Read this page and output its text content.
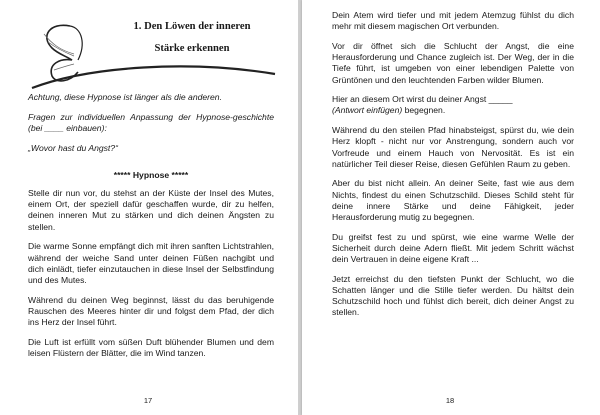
1. Den Löwen der inneren
Stärke erkennen

Achtung, diese Hypnose ist länger als die anderen.

Fragen zur individuellen Anpassung der Hypnose-geschichte (bei ____ einbauen):

„Wovor hast du Angst?“

***** Hypnose *****

Stelle dir nun vor, du stehst an der Küste der Insel des Mutes, einem Ort, der speziell dafür geschaffen wurde, dir zu helfen, deinen inneren Mut zu stärken und dich deinen Ängsten zu stellen.

Die warme Sonne empfängt dich mit ihren sanften Lichtstrahlen, während der weiche Sand unter deinen Füßen nachgibt und dich einlädt, tiefer einzutauchen in diese Insel der Selbstfindung und des Mutes.

Während du deinen Weg beginnst, lässt du das beruhigende Rauschen des Meeres hinter dir und folgst dem Pfad, der dich ins Herz der Insel führt.

Die Luft ist erfüllt vom süßen Duft blühender Blumen und dem leisen Flüstern der Blätter, die im Wind tanzen.

17

Dein Atem wird tiefer und mit jedem Atemzug fühlst du dich mehr mit diesem magischen Ort verbunden.

Vor dir öffnet sich die Schlucht der Angst, die eine Herausforderung und Chance zugleich ist. Der Weg, der in die Tiefe führt, ist umgeben von einer lebendigen Palette von Grüntönen und den leuchtenden Farben wilder Blumen.

Hier an diesem Ort wirst du deiner Angst _____
(Antwort einfügen) begegnen.

Während du den steilen Pfad hinabsteigst, spürst du, wie dein Herz klopft - nicht nur vor Anstrengung, sondern auch vor Vorfreude und einem Hauch von Nervosität. Es ist ein natürlicher Teil dieser Reise, diesen Gefühlen Raum zu geben.

Aber du bist nicht allein. An deiner Seite, fast wie aus dem Nichts, findest du einen Schutzschild. Dieses Schild steht für deine innere Stärke und deine Fähigkeit, jeder Herausforderung mutig zu begegnen.

Du greifst fest zu und spürst, wie eine warme Welle der Sicherheit durch deine Adern fließt. Mit jedem Schritt wächst dein Vertrauen in deine eigene Kraft ...

Jetzt erreichst du den tiefsten Punkt der Schlucht, wo die Schatten länger und die Stille tiefer werden. Du hältst dein Schutzschild hoch und fühlst dich bereit, dich deiner Angst zu stellen.

18
